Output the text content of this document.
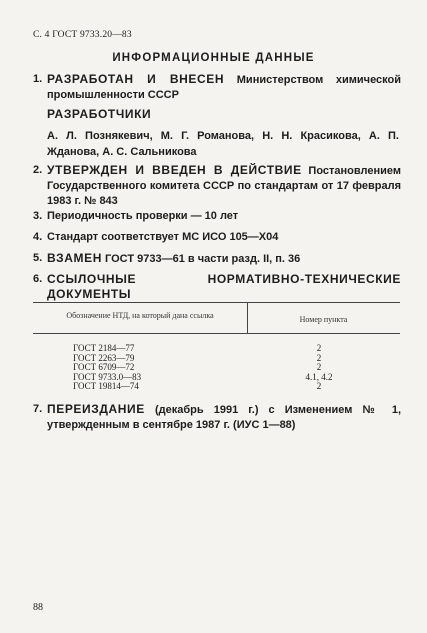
С. 4 ГОСТ 9733.20—83
ИНФОРМАЦИОННЫЕ ДАННЫЕ
1. РАЗРАБОТАН И ВНЕСЕН Министерством химической промышленности СССР
РАЗРАБОТЧИКИ
А. Л. Познякевич, М. Г. Романова, Н. Н. Красикова, А. П. Жданова, А. С. Сальникова
2. УТВЕРЖДЕН И ВВЕДЕН В ДЕЙСТВИЕ Постановлением Государственного комитета СССР по стандартам от 17 февраля 1983 г. № 843
3. Периодичность проверки — 10 лет
4. Стандарт соответствует МС ИСО 105—Х04
5. ВЗАМЕН ГОСТ 9733—61 в части разд. II, п. 36
6. ССЫЛОЧНЫЕ НОРМАТИВНО-ТЕХНИЧЕСКИЕ ДОКУМЕНТЫ
Обозначение НТД, на который дана ссылка	Номер пункта
ГОСТ 2184—77	2
ГОСТ 2263—79	2
ГОСТ 6709—72	2
ГОСТ 9733.0—83	4.1, 4.2
ГОСТ 19814—74	2
7. ПЕРЕИЗДАНИЕ (декабрь 1991 г.) с Изменением № 1, утвержденным в сентябре 1987 г. (ИУС 1—88)
88
